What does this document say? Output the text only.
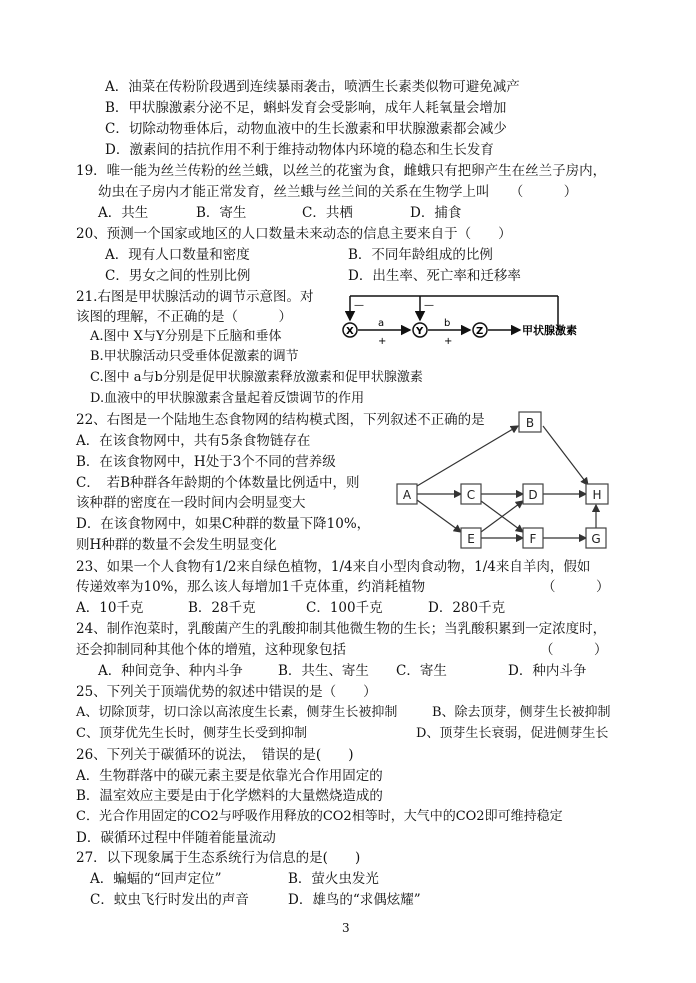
A．油菜在传粉阶段遇到连续暴雨袭击，喷洒生长素类似物可避免减产
B．甲状腺激素分泌不足，蝌蚪发育会受影响，成年人耗氧量会增加
C．切除动物垂体后，动物血液中的生长激素和甲状腺激素都会减少
D．激素间的拮抗作用不利于维持动物体内环境的稳态和生长发育
19．唯一能为丝兰传粉的丝兰蛾，以丝兰的花蜜为食，雌蛾只有把卵产生在丝兰子房内，
幼虫在子房内才能正常发育，丝兰蛾与丝兰间的关系在生物学上叫　　（　　　）
A．共生	B．寄生	C．共栖	D．捕食
20、预测一个国家或地区的人口数量未来动态的信息主要来自于（　　）
A．现有人口数量和密度	B．不同年龄组成的比例
C．男女之间的性别比例	D．出生率、死亡率和迁移率
21.右图是甲状腺活动的调节示意图。对
该图的理解，不正确的是（　　　）
A.图中 X与Y分别是下丘脑和垂体
B.甲状腺活动只受垂体促激素的调节
C.图中 a与b分别是促甲状腺激素释放激素和促甲状腺激素
D.血液中的甲状腺激素含量起着反馈调节的作用
—	—
X	Y	Z
a
+
b
+
甲状腺激素
22、右图是一个陆地生态食物网的结构模式图，下列叙述不正确的是
A．在该食物网中，共有5条食物链存在
B．在该食物网中，H处于3个不同的营养级
C．　若B种群各年龄期的个体数量比例适中，则
该种群的密度在一段时间内会明显变大
D．在该食物网中，如果C种群的数量下降10%，
则H种群的数量不会发生明显变化
A
B
C	D
E	F	G
H
23、如果一个人食物有1/2来自绿色植物，1/4来自小型肉食动物，1/4来自羊肉，假如
传递效率为10%，那么该人每增加1千克体重，约消耗植物	（　　　）
A．10千克	B．28千克	C．100千克	D．280千克
24、制作泡菜时，乳酸菌产生的乳酸抑制其他微生物的生长；当乳酸积累到一定浓度时，
还会抑制同种其他个体的增殖，这种现象包括	（　　　）
A．种间竞争、种内斗争	B．共生、寄生 C．寄生	D．种内斗争
25、下列关于顶端优势的叙述中错误的是（　　）
A、切除顶芽，切口涂以高浓度生长素，侧芽生长被抑制	B、除去顶芽，侧芽生长被抑制
C、顶芽优先生长时，侧芽生长受到抑制	D、顶芽生长衰弱，促进侧芽生长
26、下列关于碳循环的说法，　错误的是(　　)
A．生物群落中的碳元素主要是依靠光合作用固定的
B．温室效应主要是由于化学燃料的大量燃烧造成的
C．光合作用固定的CO2与呼吸作用释放的CO2相等时，大气中的CO2即可维持稳定
D．碳循环过程中伴随着能量流动
27．以下现象属于生态系统行为信息的是(　　)
A．蝙蝠的“回声定位”	B．萤火虫发光
C．蚊虫飞行时发出的声音	D．雄鸟的“求偶炫耀”
3
